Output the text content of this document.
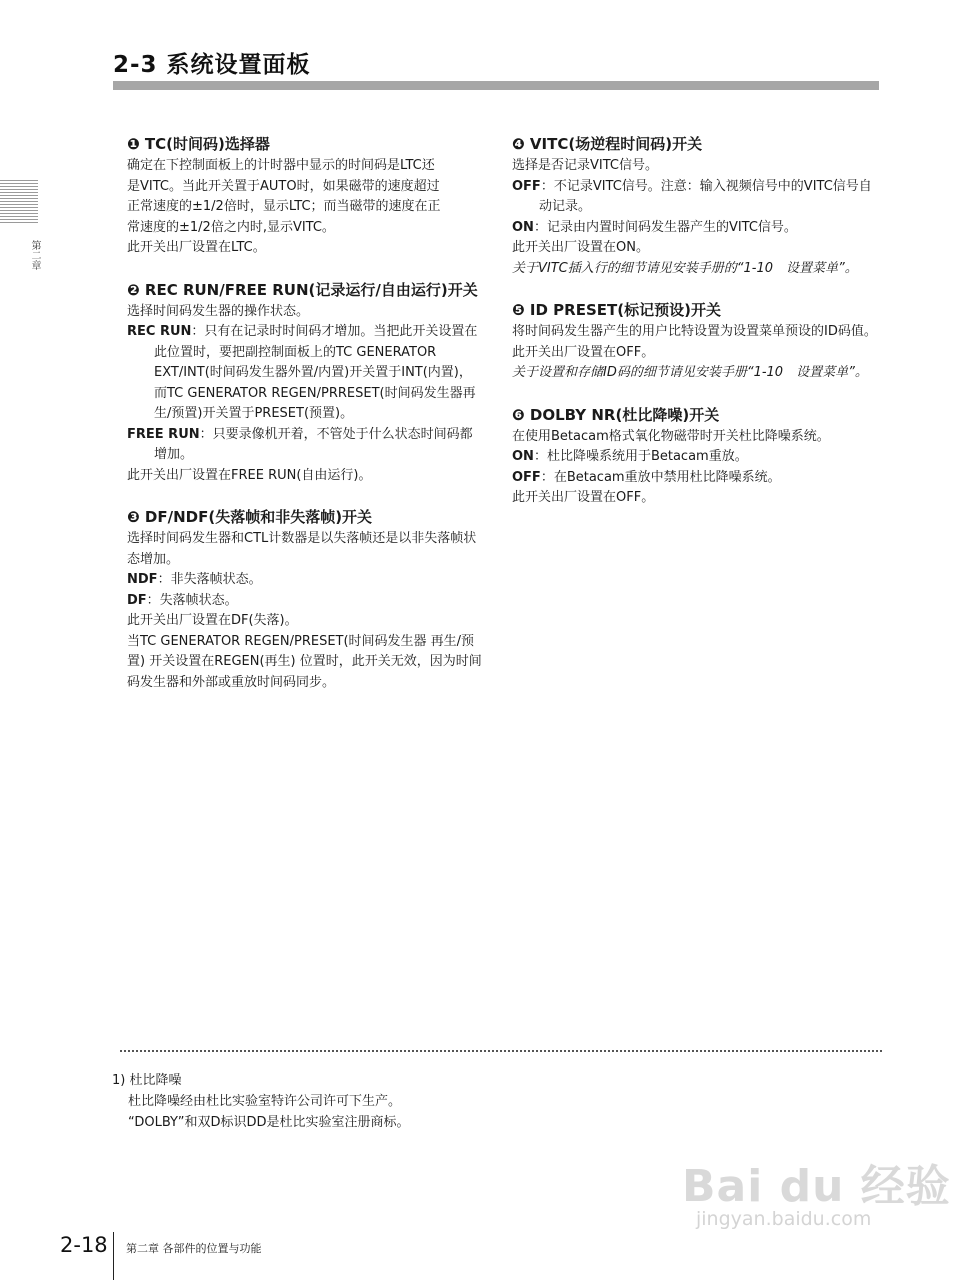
2-3 系统设置面板
第二章
❶ TC(时间码)选择器

确定在下控制面板上的计时器中显示的时间码是LTC还

是VITC。当此开关置于AUTO时，如果磁带的速度超过

正常速度的±1/2倍时，显示LTC；而当磁带的速度在正

常速度的±1/2倍之内时,显示VITC。

此开关出厂设置在LTC。

❷ REC RUN/FREE RUN(记录运行/自由运行)开关

选择时间码发生器的操作状态。

REC RUN：只有在记录时时间码才增加。当把此开关设置在此位置时，要把副控制面板上的TC GENERATOR EXT/INT(时间码发生器外置/内置)开关置于INT(内置)，而TC GENERATOR REGEN/PRRESET(时间码发生器再生/预置)开关置于PRESET(预置)。

FREE RUN：只要录像机开着，不管处于什么状态时间码都增加。

此开关出厂设置在FREE RUN(自由运行)。

❸ DF/NDF(失落帧和非失落帧)开关

选择时间码发生器和CTL计数器是以失落帧还是以非失落帧状态增加。

NDF：非失落帧状态。

DF：失落帧状态。

此开关出厂设置在DF(失落)。

当TC GENERATOR REGEN/PRESET(时间码发生器 再生/预置) 开关设置在REGEN(再生) 位置时，此开关无效，因为时间码发生器和外部或重放时间码同步。

❹ VITC(场逆程时间码)开关

选择是否记录VITC信号。

OFF：不记录VITC信号。注意：输入视频信号中的VITC信号自动记录。

ON：记录由内置时间码发生器产生的VITC信号。

此开关出厂设置在ON。

关于VITC插入行的细节请见安装手册的“1-10　设置菜单”。

❺ ID PRESET(标记预设)开关

将时间码发生器产生的用户比特设置为设置菜单预设的ID码值。

此开关出厂设置在OFF。

关于设置和存储ID码的细节请见安装手册“1-10　设置菜单”。

❻ DOLBY NR(杜比降噪)开关

在使用Betacam格式氧化物磁带时开关杜比降噪系统。

ON：杜比降噪系统用于Betacam重放。

OFF：在Betacam重放中禁用杜比降噪系统。

此开关出厂设置在OFF。

1) 杜比降噪

杜比降噪经由杜比实验室特许公司许可下生产。

“DOLBY”和双D标识DD是杜比实验室注册商标。

2-18 第二章 各部件的位置与功能
Bai du 经验
jingyan.baidu.com
